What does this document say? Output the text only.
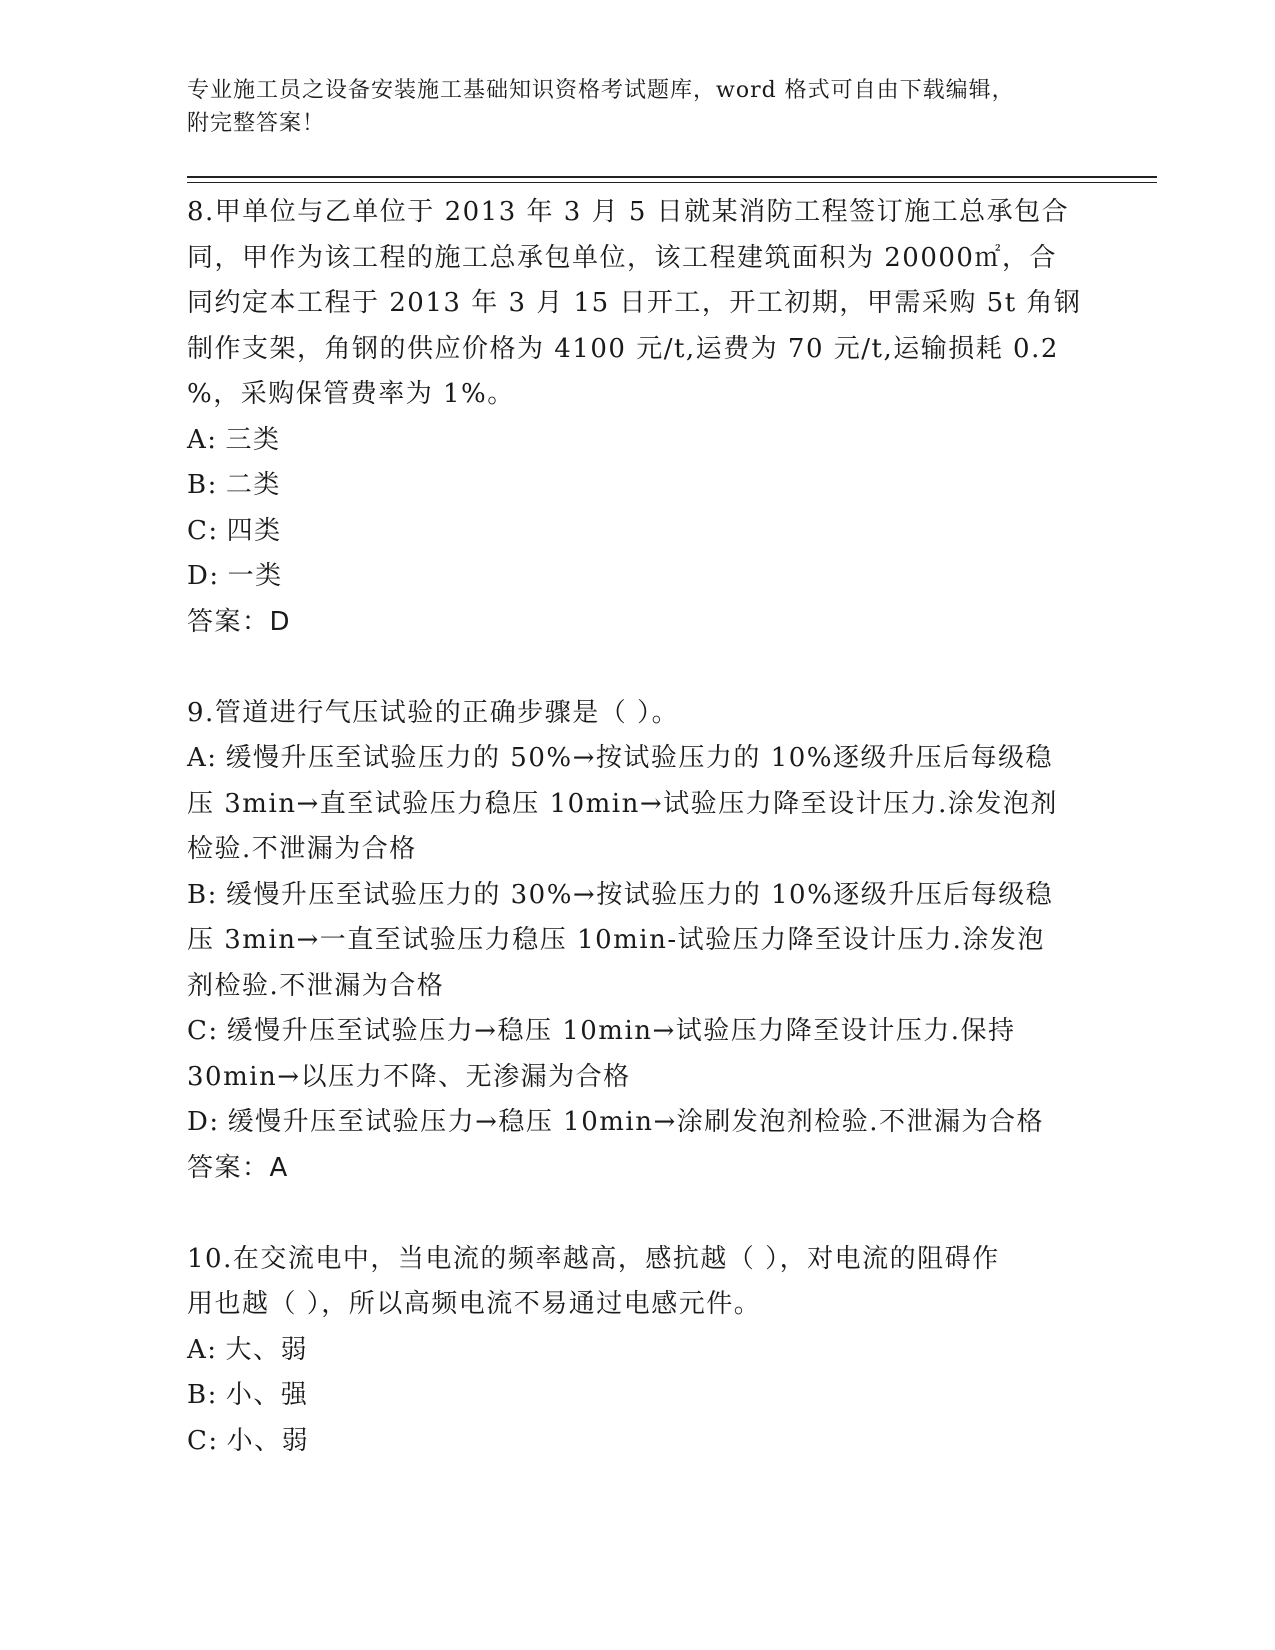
专业施工员之设备安装施工基础知识资格考试题库，word 格式可自由下载编辑，
附完整答案！
8.甲单位与乙单位于 2013 年 3 月 5 日就某消防工程签订施工总承包合
同，甲作为该工程的施工总承包单位，该工程建筑面积为 20000㎡，合
同约定本工程于 2013 年 3 月 15 日开工，开工初期，甲需采购 5t 角钢
制作支架，角钢的供应价格为 4100 元/t,运费为 70 元/t,运输损耗 0.2
%，采购保管费率为 1%。
A: 三类
B: 二类
C: 四类
D: 一类
答案：D
9.管道进行气压试验的正确步骤是（ ）。
A: 缓慢升压至试验压力的 50%→按试验压力的 10%逐级升压后每级稳
压 3min→直至试验压力稳压 10min→试验压力降至设计压力.涂发泡剂
检验.不泄漏为合格
B: 缓慢升压至试验压力的 30%→按试验压力的 10%逐级升压后每级稳
压 3min→一直至试验压力稳压 10min-试验压力降至设计压力.涂发泡
剂检验.不泄漏为合格
C: 缓慢升压至试验压力→稳压 10min→试验压力降至设计压力.保持
30min→以压力不降、无渗漏为合格
D: 缓慢升压至试验压力→稳压 10min→涂刷发泡剂检验.不泄漏为合格
答案：A
10.在交流电中，当电流的频率越高，感抗越（ ），对电流的阻碍作
用也越（ ），所以高频电流不易通过电感元件。
A: 大、弱
B: 小、强
C: 小、弱
